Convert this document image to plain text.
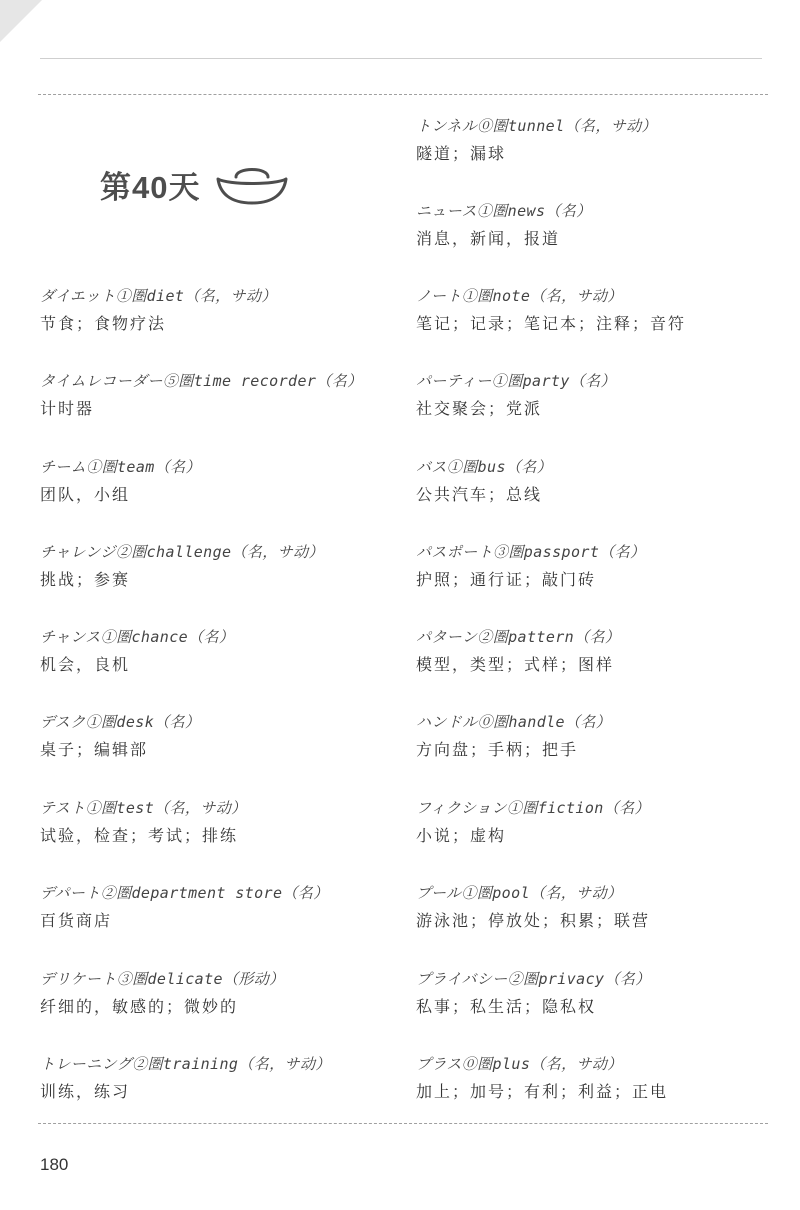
第40天
ダイエット①圏diet（名，サ动）
节食；食物疗法
タイムレコーダー⑤圏time recorder（名）
计时器
チーム①圏team（名）
团队，小组
チャレンジ②圏challenge（名，サ动）
挑战；参赛
チャンス①圏chance（名）
机会，良机
デスク①圏desk（名）
桌子；编辑部
テスト①圏test（名，サ动）
试验，检查；考试；排练
デパート②圏department store（名）
百货商店
デリケート③圏delicate（形动）
纤细的，敏感的；微妙的
トレーニング②圏training（名，サ动）
训练，练习
トンネル⓪圏tunnel（名，サ动）
隧道；漏球
ニュース①圏news（名）
消息，新闻，报道
ノート①圏note（名，サ动）
笔记；记录；笔记本；注释；音符
パーティー①圏party（名）
社交聚会；党派
バス①圏bus（名）
公共汽车；总线
パスポート③圏passport（名）
护照；通行证；敲门砖
パターン②圏pattern（名）
模型，类型；式样；图样
ハンドル⓪圏handle（名）
方向盘；手柄；把手
フィクション①圏fiction（名）
小说；虚构
プール①圏pool（名，サ动）
游泳池；停放处；积累；联营
プライバシー②圏privacy（名）
私事；私生活；隐私权
プラス⓪圏plus（名，サ动）
加上；加号；有利；利益；正电
180
